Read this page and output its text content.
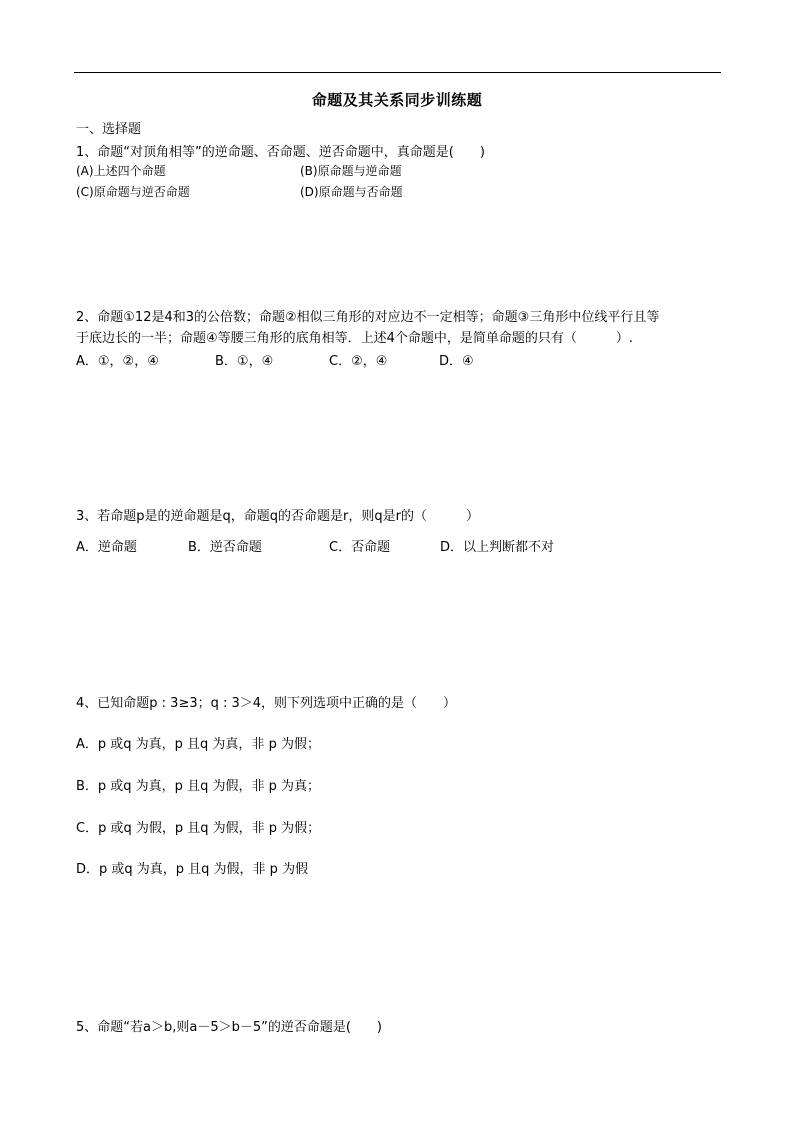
命题及其关系同步训练题
一、选择题
1、命题“对顶角相等”的逆命题、否命题、逆否命题中，真命题是(　　)
(A)上述四个命题	(B)原命题与逆命题
(C)原命题与逆否命题	(D)原命题与否命题
2、命题①12是4和3的公倍数；命题②相似三角形的对应边不一定相等；命题③三角形中位线平行且等
于底边长的一半；命题④等腰三角形的底角相等．上述4个命题中，是简单命题的只有（　　　）.
A．①，②，④	B．①，④	C．②，④	D．④
3、若命题p是的逆命题是q，命题q的否命题是r，则q是r的（　　　）
A．逆命题	B．逆否命题	C．否命题	D．以上判断都不对
4、已知命题p : 3≥3；q : 3＞4，则下列选项中正确的是（　　）
A．p 或q 为真，p 且q 为真，非 p 为假；
B．p 或q 为真，p 且q 为假，非 p 为真；
C．p 或q 为假，p 且q 为假，非 p 为假；
D．p 或q 为真，p 且q 为假，非 p 为假
5、命题“若a＞b,则a－5＞b－5”的逆否命题是(　　)
